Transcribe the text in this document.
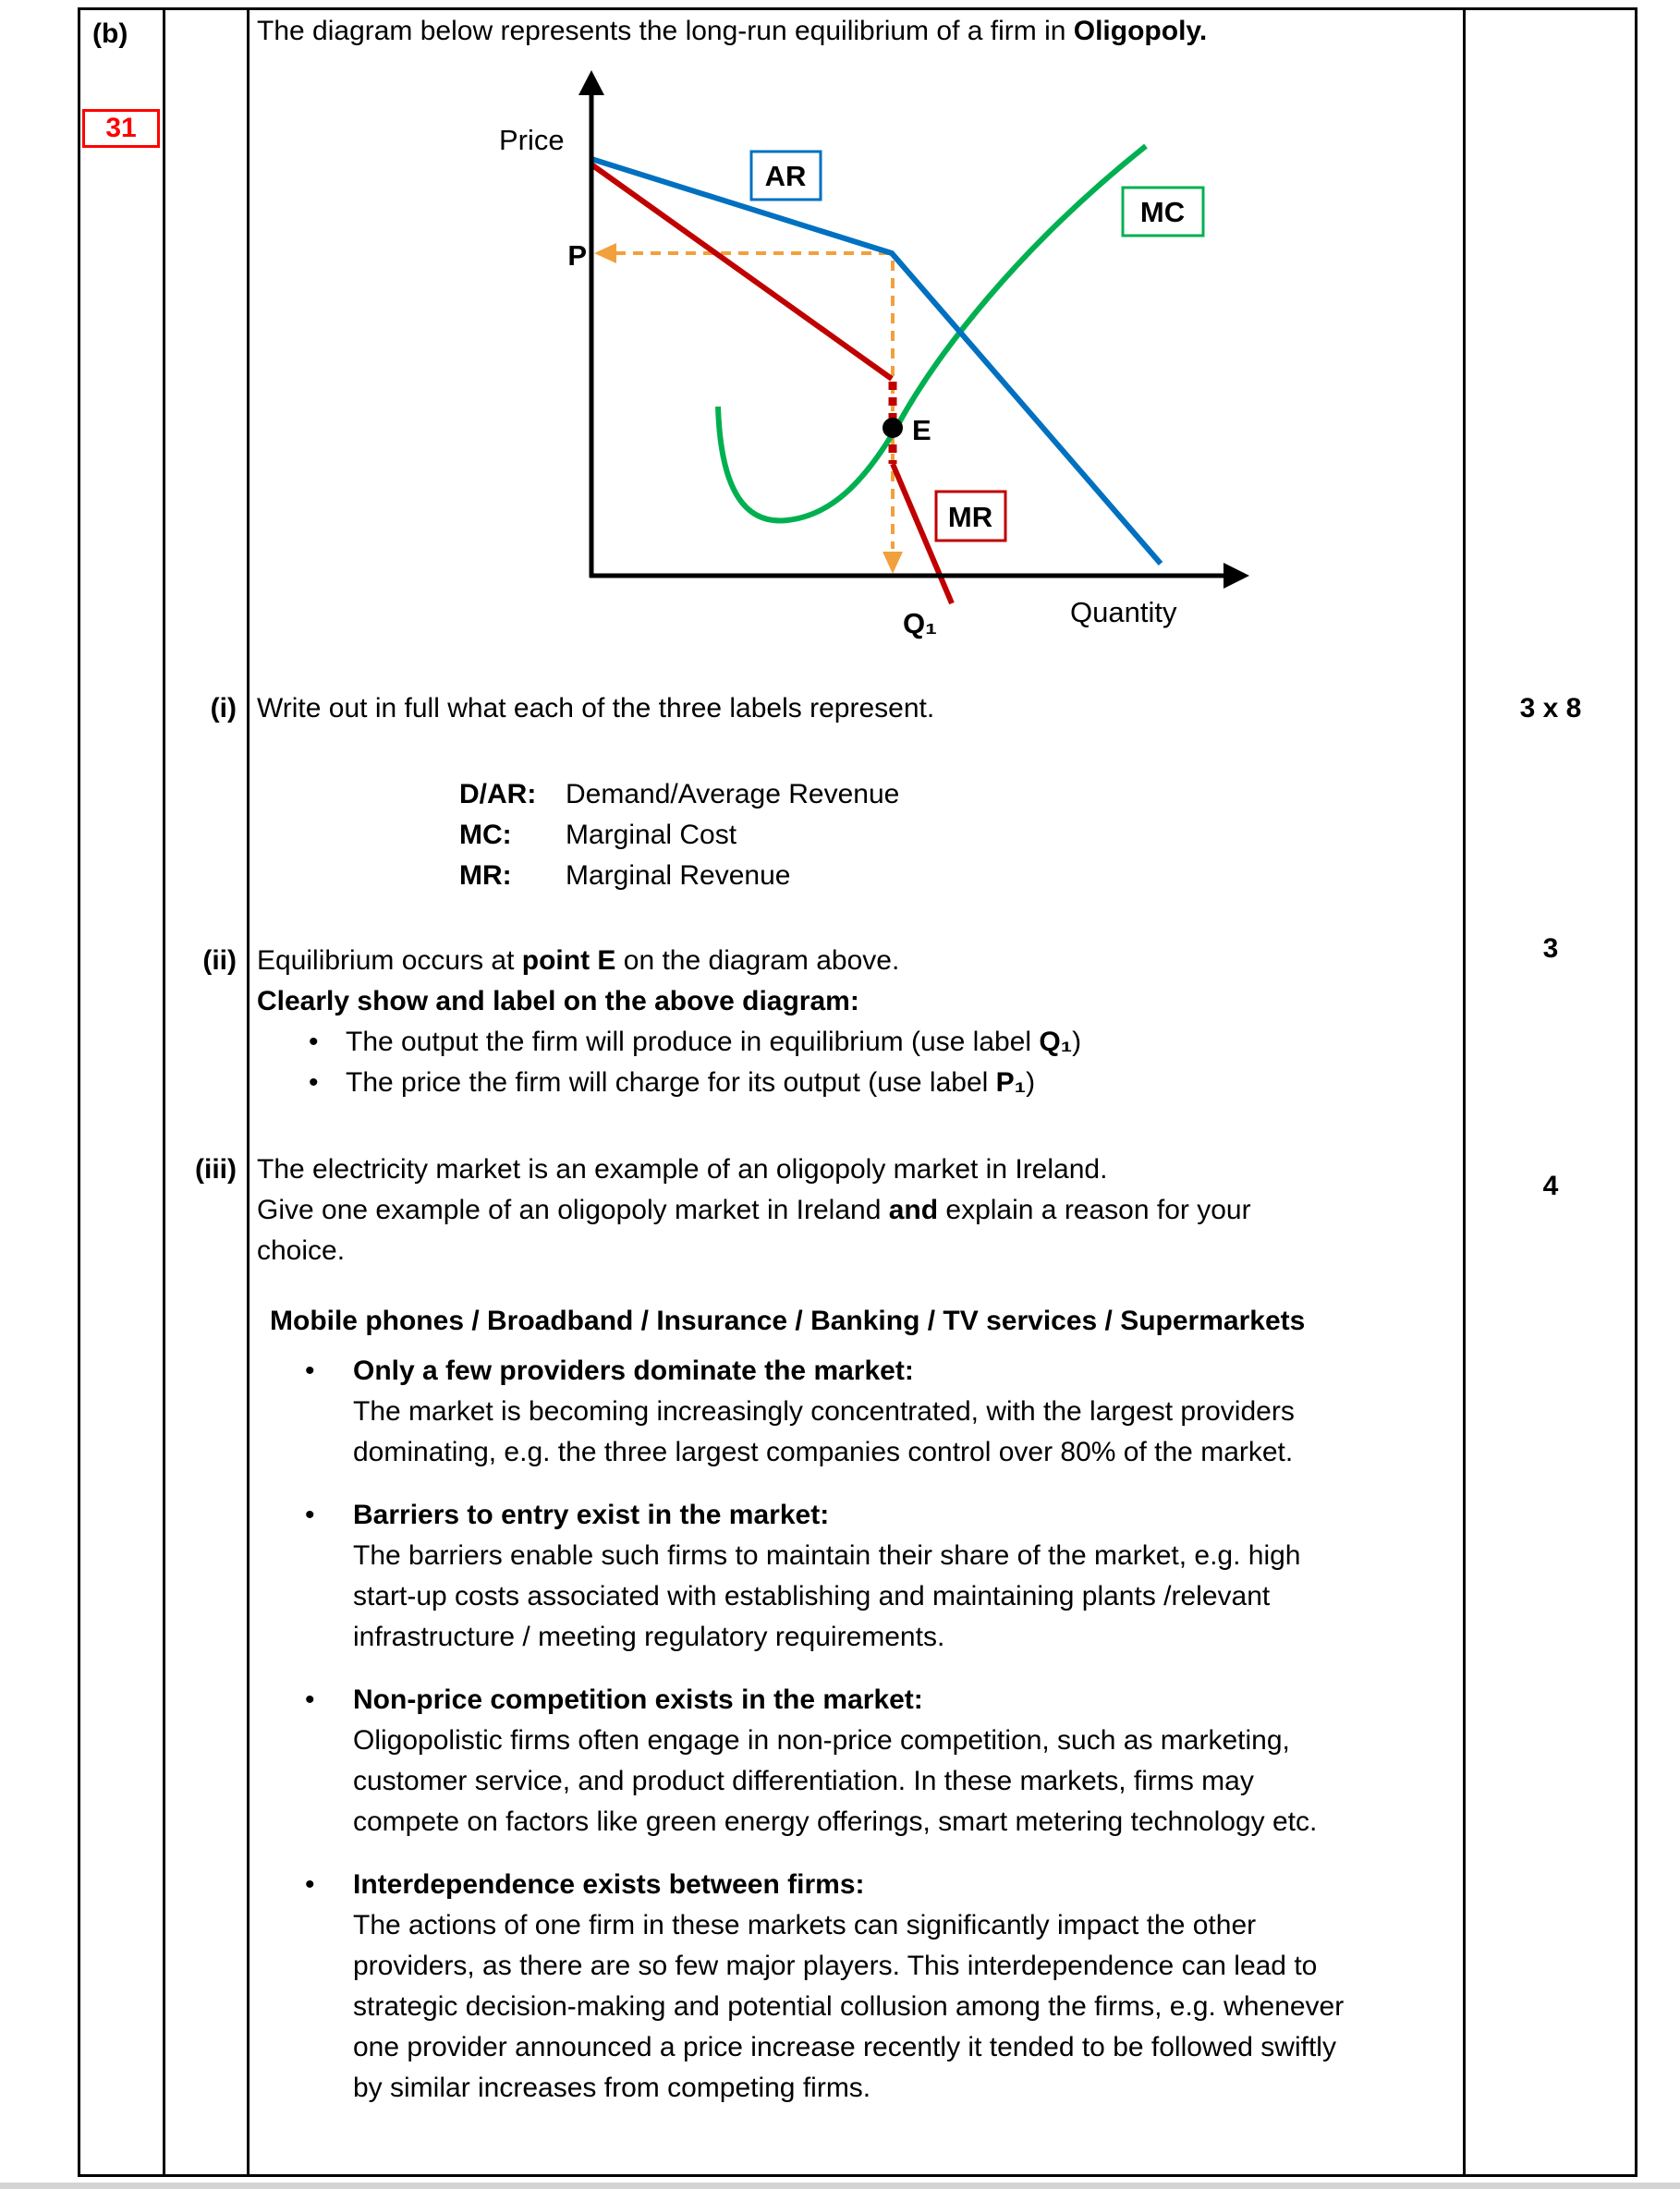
(b)
31
The diagram below represents the long-run equilibrium of a firm in Oligopoly.
AR
MC
MR
Price
Quantity
P
E
Q₁
(i)	3 x 8
Write out in full what each of the three labels represent.
D/AR:	Demand/Average Revenue
MC:	Marginal Cost
MR:	Marginal Revenue
(ii)	3
Equilibrium occurs at point E on the diagram above.
Clearly show and label on the above diagram:
•
The output the firm will produce in equilibrium (use label Q₁)
•
The price the firm will charge for its output (use label P₁)
(iii)
4
The electricity market is an example of an oligopoly market in Ireland.
Give one example of an oligopoly market in Ireland and explain a reason for your
choice.
Mobile phones / Broadband / Insurance / Banking / TV services / Supermarkets
•
Only a few providers dominate the market:
The market is becoming increasingly concentrated, with the largest providers
dominating, e.g. the three largest companies control over 80% of the market.
•
Barriers to entry exist in the market:
The barriers enable such firms to maintain their share of the market, e.g. high
start-up costs associated with establishing and maintaining plants /relevant
infrastructure / meeting regulatory requirements.
•
Non-price competition exists in the market:
Oligopolistic firms often engage in non-price competition, such as marketing,
customer service, and product differentiation. In these markets, firms may
compete on factors like green energy offerings, smart metering technology etc.
•
Interdependence exists between firms:
The actions of one firm in these markets can significantly impact the other
providers, as there are so few major players. This interdependence can lead to
strategic decision-making and potential collusion among the firms, e.g. whenever
one provider announced a price increase recently it tended to be followed swiftly
by similar increases from competing firms.
